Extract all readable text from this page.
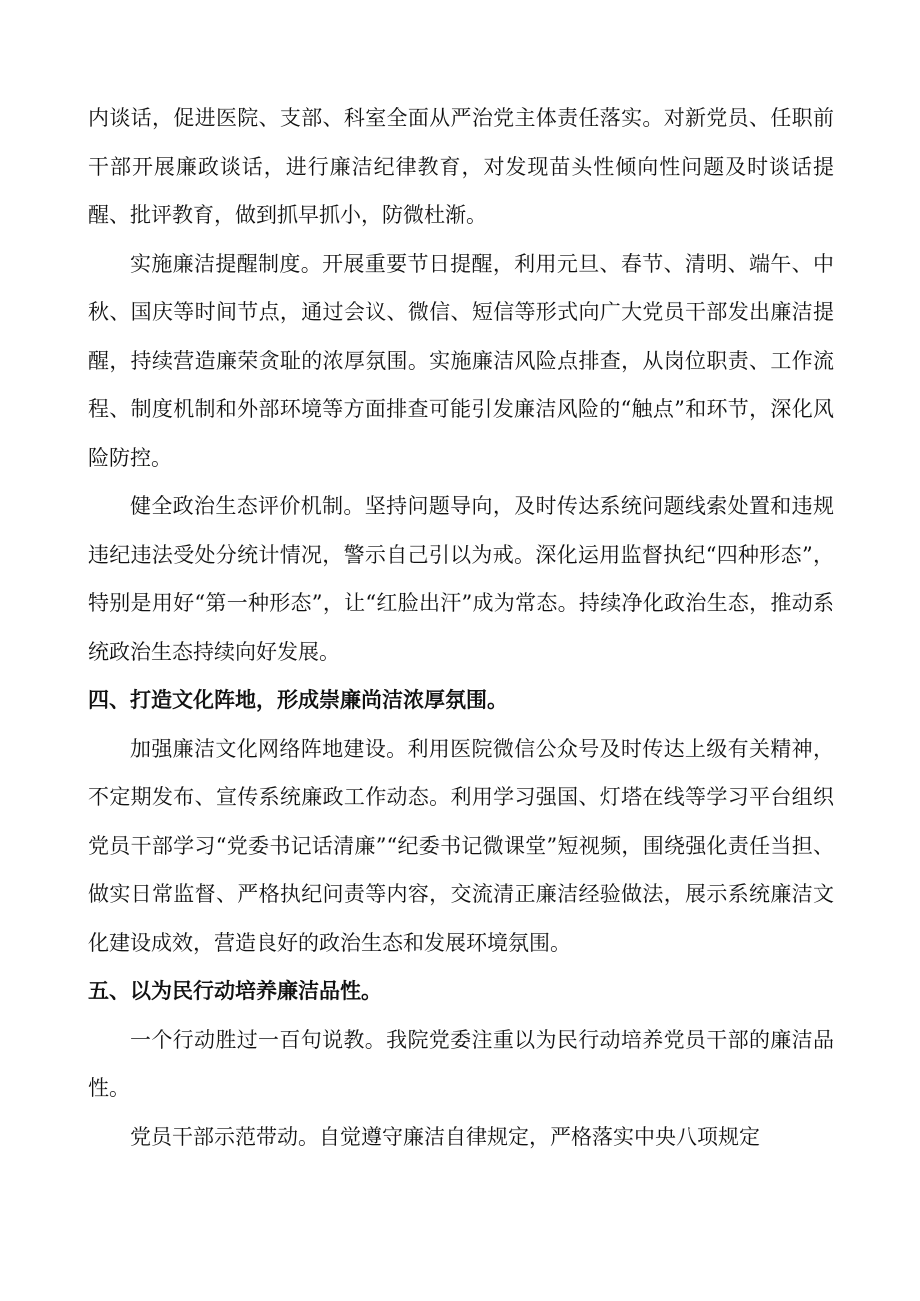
内谈话，促进医院、支部、科室全面从严治党主体责任落实。对新党员、任职前干部开展廉政谈话，进行廉洁纪律教育，对发现苗头性倾向性问题及时谈话提醒、批评教育，做到抓早抓小，防微杜渐。

实施廉洁提醒制度。开展重要节日提醒，利用元旦、春节、清明、端午、中秋、国庆等时间节点，通过会议、微信、短信等形式向广大党员干部发出廉洁提醒，持续营造廉荣贪耻的浓厚氛围。实施廉洁风险点排查，从岗位职责、工作流程、制度机制和外部环境等方面排查可能引发廉洁风险的“触点”和环节，深化风险防控。

健全政治生态评价机制。坚持问题导向，及时传达系统问题线索处置和违规违纪违法受处分统计情况，警示自己引以为戒。深化运用监督执纪“四种形态”，特别是用好“第一种形态”，让“红脸出汗”成为常态。持续净化政治生态，推动系统政治生态持续向好发展。

四、打造文化阵地，形成崇廉尚洁浓厚氛围。

加强廉洁文化网络阵地建设。利用医院微信公众号及时传达上级有关精神，不定期发布、宣传系统廉政工作动态。利用学习强国、灯塔在线等学习平台组织党员干部学习“党委书记话清廉”“纪委书记微课堂”短视频，围绕强化责任当担、做实日常监督、严格执纪问责等内容，交流清正廉洁经验做法，展示系统廉洁文化建设成效，营造良好的政治生态和发展环境氛围。

五、以为民行动培养廉洁品性。

一个行动胜过一百句说教。我院党委注重以为民行动培养党员干部的廉洁品性。

党员干部示范带动。自觉遵守廉洁自律规定，严格落实中央八项规定
